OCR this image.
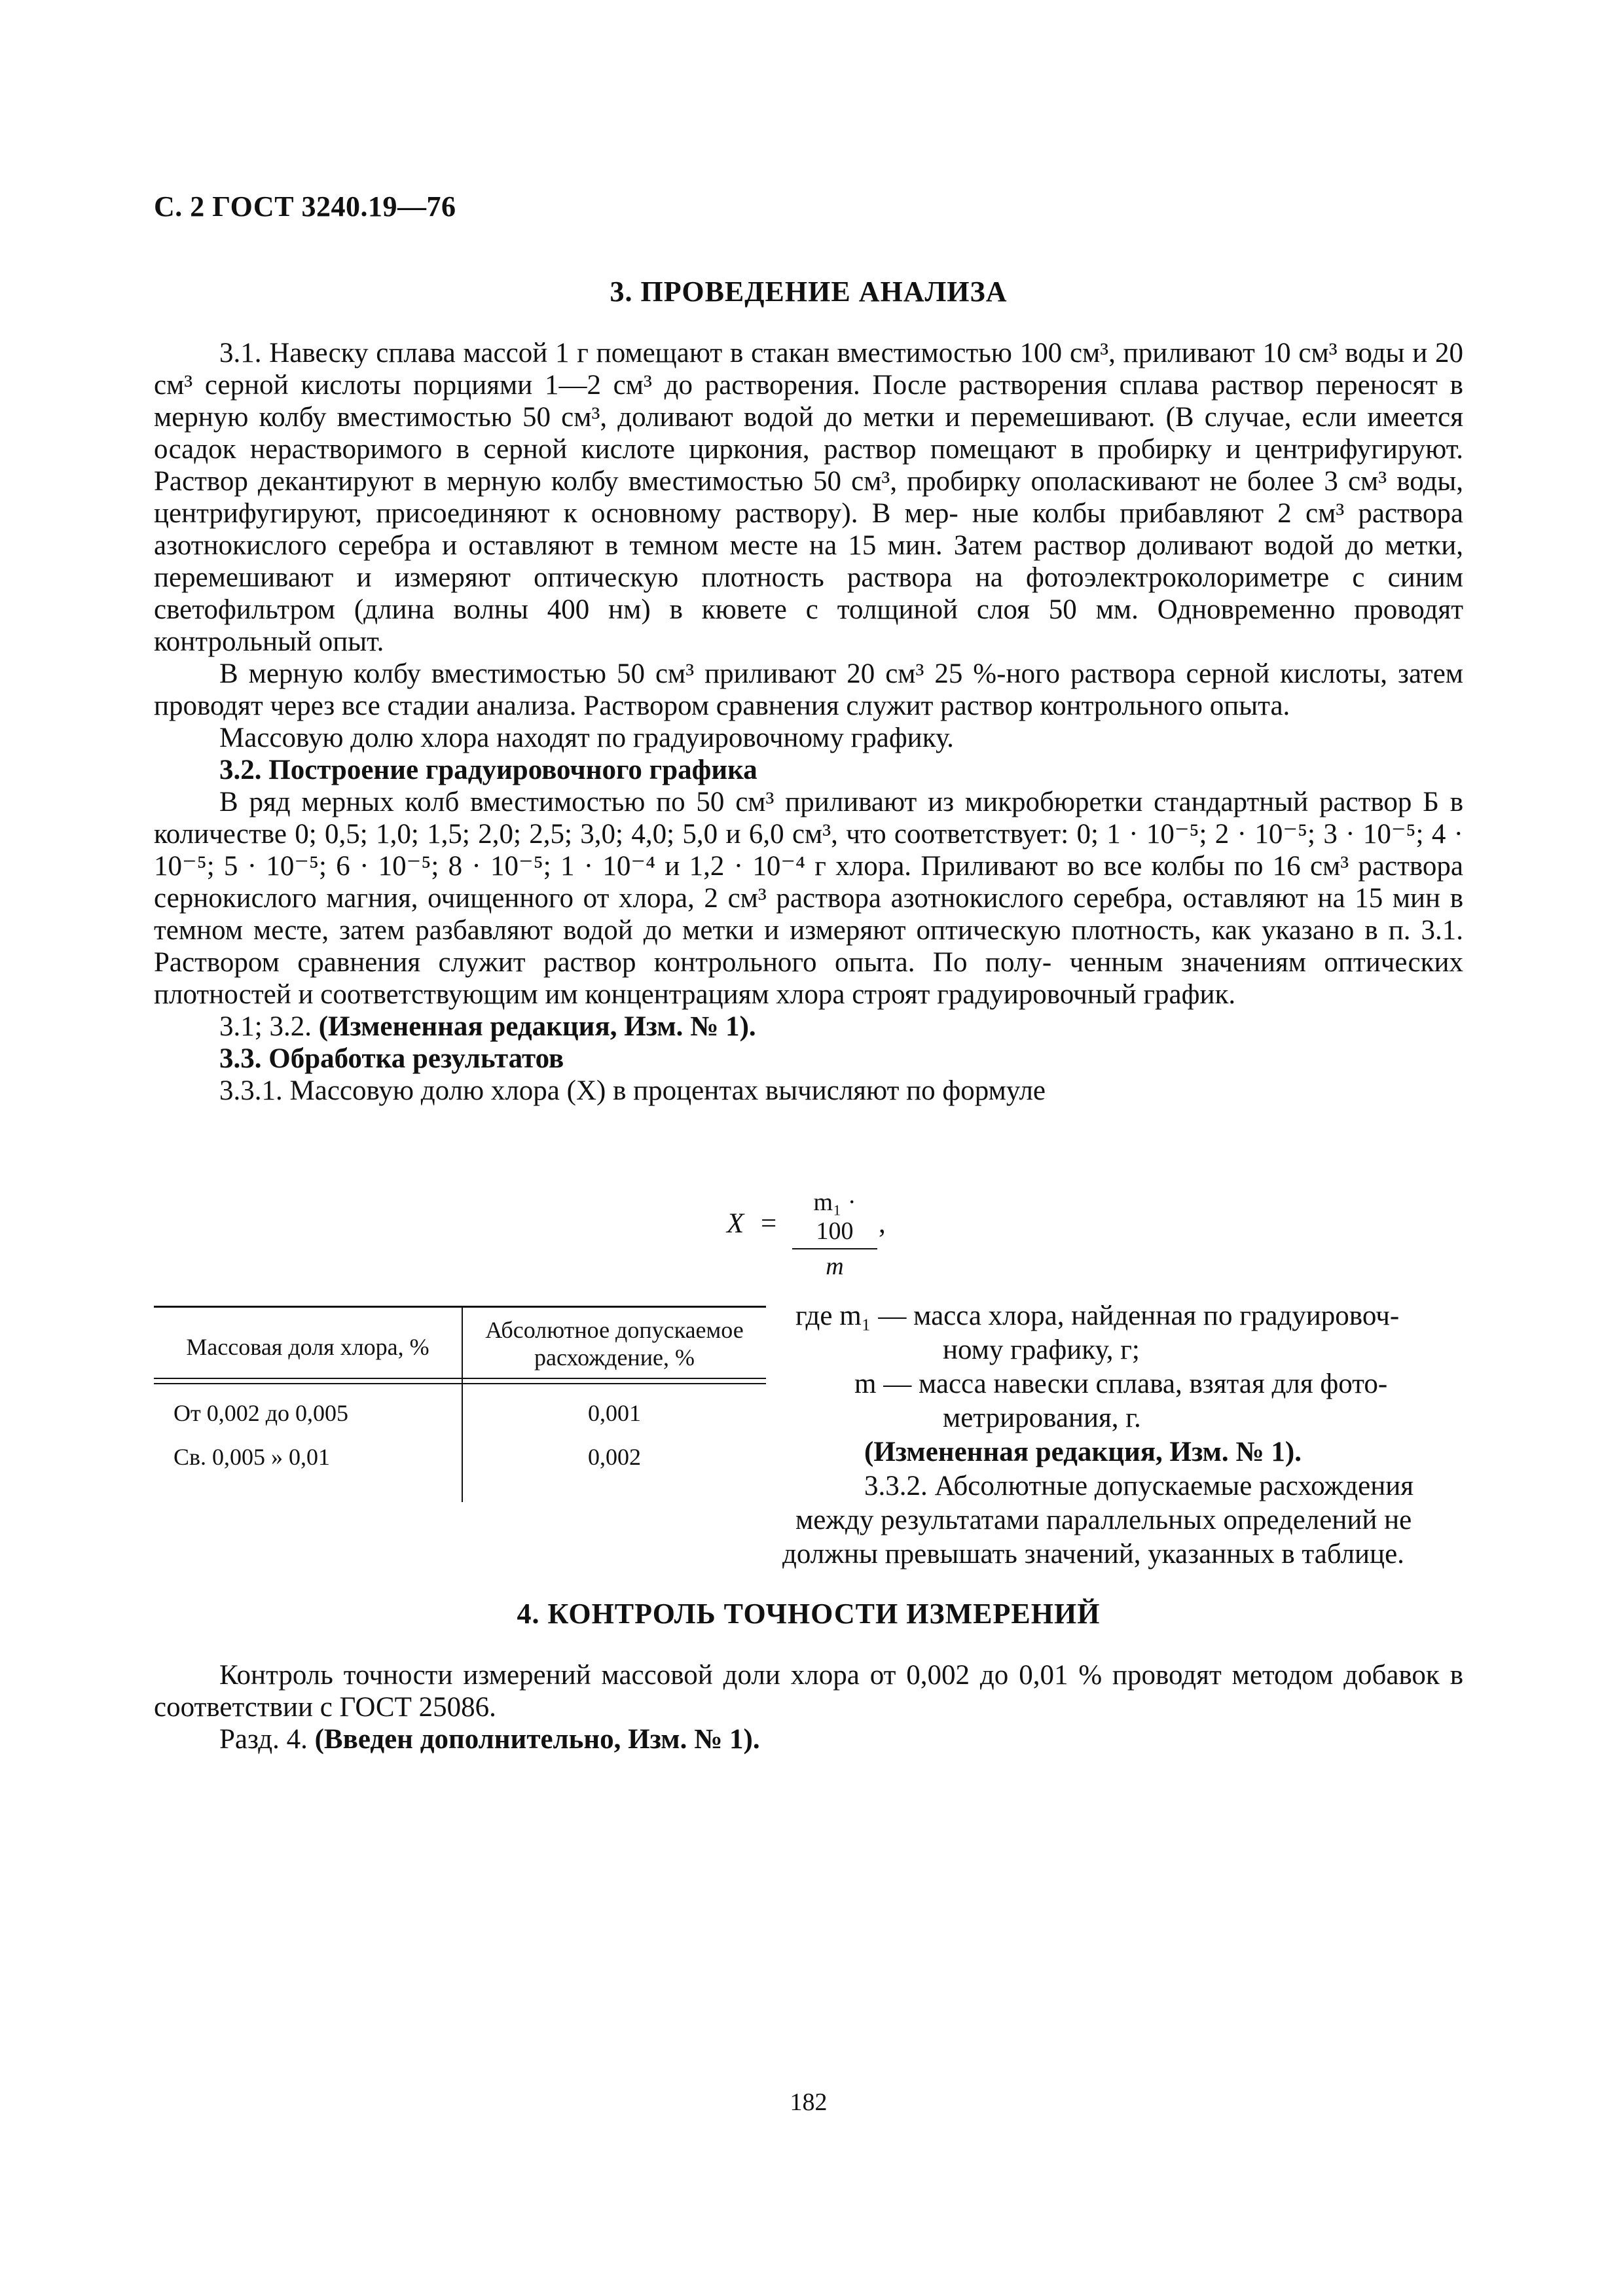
С. 2 ГОСТ 3240.19—76
3. ПРОВЕДЕНИЕ АНАЛИЗА

3.1. Навеску сплава массой 1 г помещают в стакан вместимостью 100 см³, приливают 10 см³ воды и 20 см³ серной кислоты порциями 1—2 см³ до растворения. После растворения сплава раствор переносят в мерную колбу вместимостью 50 см³, доливают водой до метки и перемешивают. (В случае, если имеется осадок нерастворимого в серной кислоте циркония, раствор помещают в пробирку и центрифугируют. Раствор декантируют в мерную колбу вместимостью 50 см³, пробирку ополаскивают не более 3 см³ воды, центрифугируют, присоединяют к основному раствору). В мер- ные колбы прибавляют 2 см³ раствора азотнокислого серебра и оставляют в темном месте на 15 мин. Затем раствор доливают водой до метки, перемешивают и измеряют оптическую плотность раствора на фотоэлектроколориметре с синим светофильтром (длина волны 400 нм) в кювете с толщиной слоя 50 мм. Одновременно проводят контрольный опыт.

В мерную колбу вместимостью 50 см³ приливают 20 см³ 25 %-ного раствора серной кислоты, затем проводят через все стадии анализа. Раствором сравнения служит раствор контрольного опыта.

Массовую долю хлора находят по градуировочному графику.

3.2. Построение градуировочного графика

В ряд мерных колб вместимостью по 50 см³ приливают из микробюретки стандартный раствор Б в количестве 0; 0,5; 1,0; 1,5; 2,0; 2,5; 3,0; 4,0; 5,0 и 6,0 см³, что соответствует: 0; 1 · 10⁻⁵; 2 · 10⁻⁵; 3 · 10⁻⁵; 4 · 10⁻⁵; 5 · 10⁻⁵; 6 · 10⁻⁵; 8 · 10⁻⁵; 1 · 10⁻⁴ и 1,2 · 10⁻⁴ г хлора. Приливают во все колбы по 16 см³ раствора сернокислого магния, очищенного от хлора, 2 см³ раствора азотнокислого серебра, оставляют на 15 мин в темном месте, затем разбавляют водой до метки и измеряют оптическую плотность, как указано в п. 3.1. Раствором сравнения служит раствор контрольного опыта. По полу- ченным значениям оптических плотностей и соответствующим им концентрациям хлора строят градуировочный график.

3.1; 3.2. (Измененная редакция, Изм. № 1).

3.3. Обработка результатов

3.3.1. Массовую долю хлора (X) в процентах вычисляют по формуле

X =
m₁ · 100
m
,
Массовая доля хлора, %
Абсолютное допускаемое расхождение, %
От 0,002 до 0,005	0,001
Св. 0,005 » 0,01	0,002

где m₁ — масса хлора, найденная по градуировоч-

ному графику, г;

m — масса навески сплава, взятая для фото-

метрирования, г.

(Измененная редакция, Изм. № 1).

3.3.2. Абсолютные допускаемые расхождения

между результатами параллельных определений не

должны превышать значений, указанных в таблице.

4. КОНТРОЛЬ ТОЧНОСТИ ИЗМЕРЕНИЙ

Контроль точности измерений массовой доли хлора от 0,002 до 0,01 % проводят методом добавок в соответствии с ГОСТ 25086.

Разд. 4. (Введен дополнительно, Изм. № 1).

182
